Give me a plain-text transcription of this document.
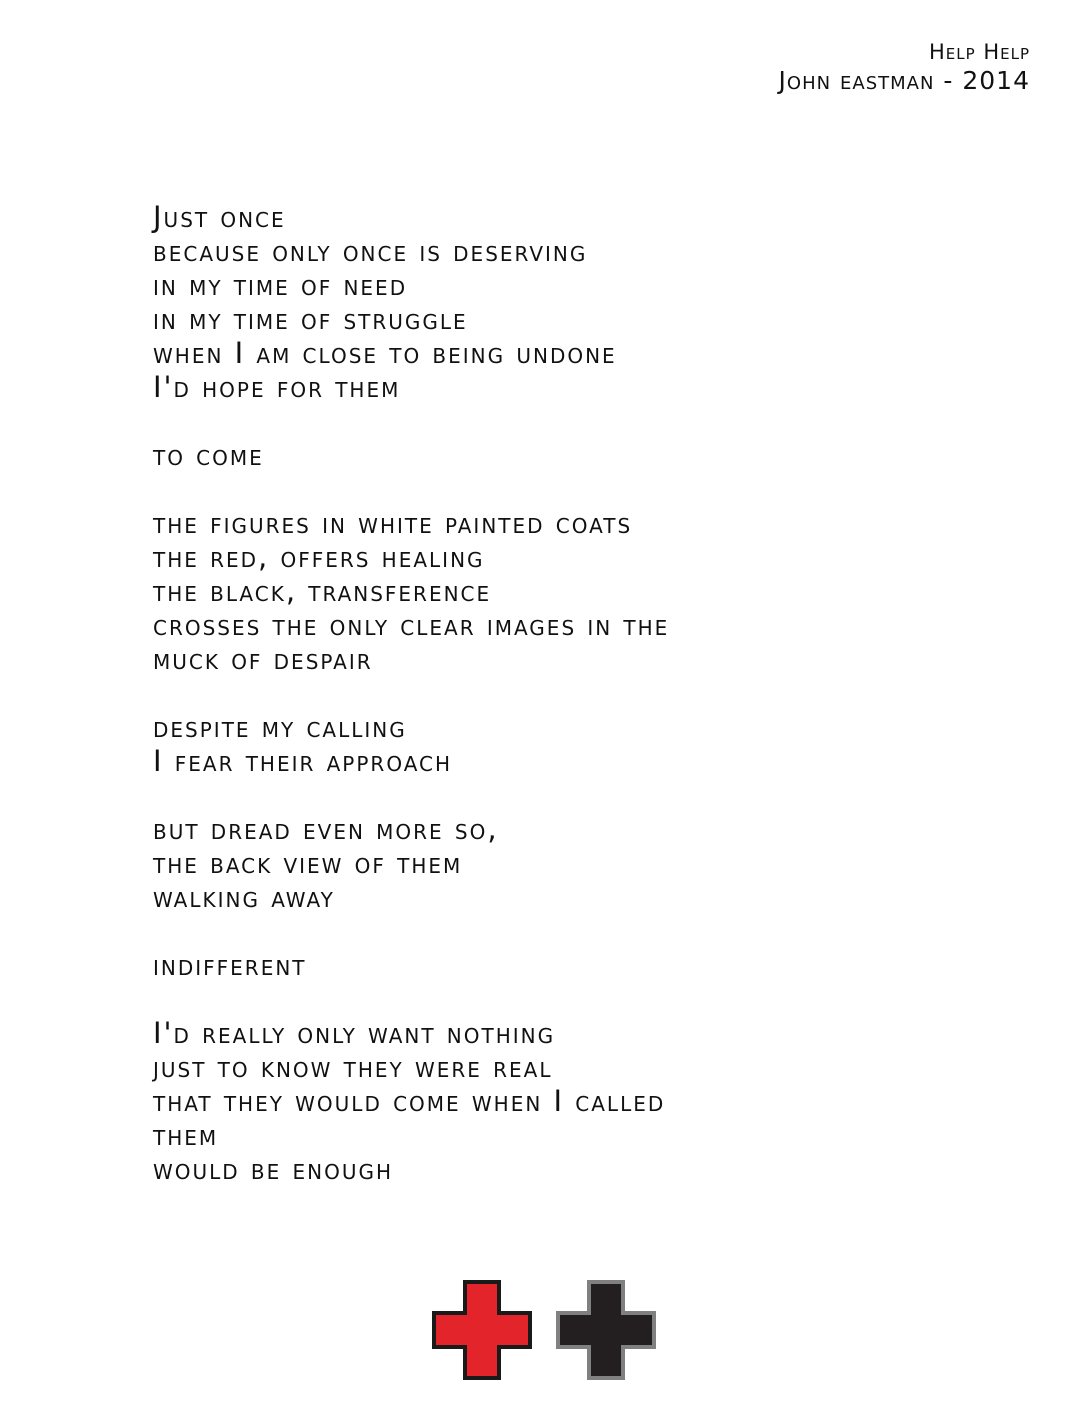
Help Help
John eastman - 2014
Just once
because only once is deserving
in my time of need
in my time of struggle
when I am close to being undone
I'd hope for them
to come
the figures in white painted coats
the red, offers healing
the black, transference
crosses the only clear images in the
muck of despair
despite my calling
I fear their approach
but dread even more so,
the back view of them
walking away
indifferent
I'd really only want nothing
just to know they were real
that they would come when I called
them
would be enough
